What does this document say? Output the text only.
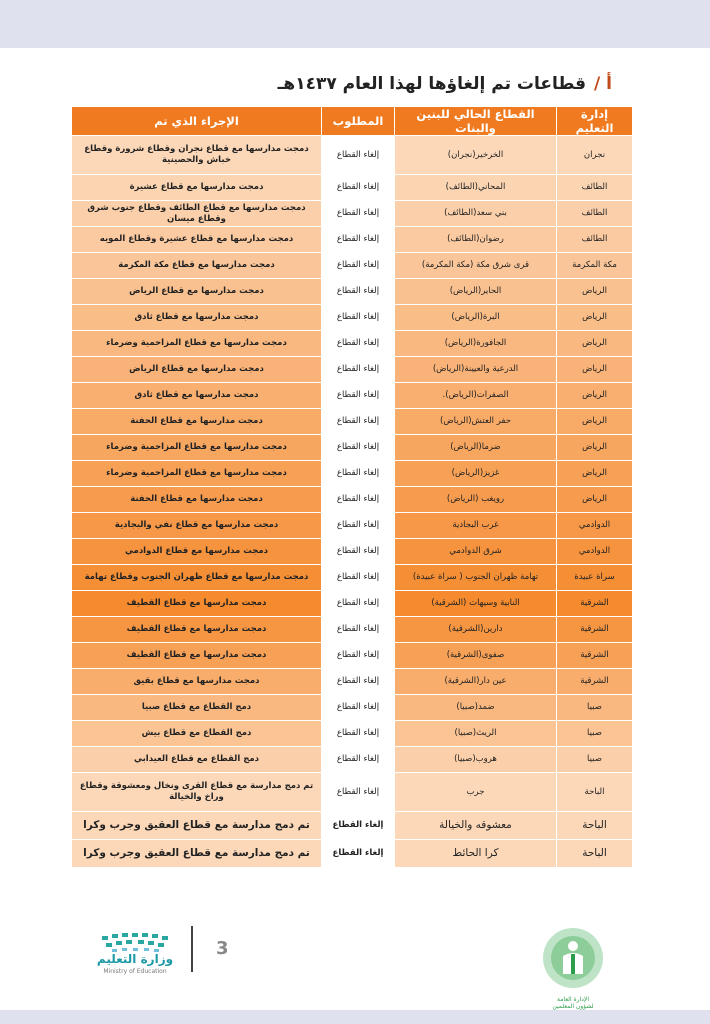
أ /قطاعات تم إلغاؤها لهذا العام ١٤٣٧هـ
إدارة التعليم	القطاع الحالي للبنين والبنات	المطلوب	الإجراء الذي تم
نجران	الخرخير(نجران)	إلغاء القطاع	دمجت مدارسها مع قطاع نجران وقطاع شرورة وقطاع خباش والحصينية
الطائف	المحاني(الطائف)	إلغاء القطاع	دمجت مدارسها مع قطاع عشيرة
الطائف	بني سعد(الطائف)	إلغاء القطاع	دمجت مدارسها مع قطاع الطائف وقطاع جنوب شرق وقطاع ميسان
الطائف	رضوان(الطائف)	إلغاء القطاع	دمجت مدارسها مع قطاع عشيرة وقطاع المويه
مكة المكرمة	قرى شرق مكة (مكة المكرمة)	إلغاء القطاع	دمجت مدارسها مع قطاع مكة المكرمة
الرياض	الحاير(الرياض)	إلغاء القطاع	دمجت مدارسها مع قطاع الرياض
الرياض	البرة(الرياض)	إلغاء القطاع	دمجت مدارسها مع قطاع ثادق
الرياض	الجافورة(الرياض)	إلغاء القطاع	دمجت مدارسها مع قطاع المزاحمية وضرماء
الرياض	الدرعية والعيينة(الرياض)	إلغاء القطاع	دمجت مدارسها مع قطاع الرياض
الرياض	الصفرات(الرياض).	إلغاء القطاع	دمجت مدارسها مع قطاع ثادق
الرياض	حفر العتش(الرياض)	إلغاء القطاع	دمجت مدارسها مع قطاع الحفنة
الرياض	ضرما(الرياض)	إلغاء القطاع	دمجت مدارسها مع قطاع المزاحمية وضرماء
الرياض	غزيز(الرياض)	إلغاء القطاع	دمجت مدارسها مع قطاع المزاحمية وضرماء
الرياض	رويغب (الرياض)	إلغاء القطاع	دمجت مدارسها مع قطاع الحفنة
الدوادمي	غرب البجادية	إلغاء القطاع	دمجت مدارسها مع قطاع نفي والبجادية
الدوادمي	شرق الدوادمي	إلغاء القطاع	دمجت مدارسها مع قطاع الدوادمي
سراة عبيدة	تهامة ظهران الجنوب ( سراة عبيدة)	إلغاء القطاع	دمجت مدارسها مع قطاع ظهران الجنوب وقطاع تهامة
الشرقية	النابية وسيهات (الشرقية)	إلغاء القطاع	دمجت مدارسها مع قطاع القطيف
الشرقية	دارين(الشرقية)	إلغاء القطاع	دمجت مدارسها مع قطاع القطيف
الشرقية	صفوى(الشرقية)	إلغاء القطاع	دمجت مدارسها مع قطاع القطيف
الشرقية	عين دار(الشرقية)	إلغاء القطاع	دمجت مدارسها مع قطاع بقيق
صبيا	ضمد(صبيا)	إلغاء القطاع	دمج القطاع مع قطاع صبيا
صبيا	الريث(صبيا)	إلغاء القطاع	دمج القطاع مع قطاع بيش
صبيا	هروب(صبيا)	إلغاء القطاع	دمج القطاع مع قطاع العيدابي
الباحة	جرب	إلغاء القطاع	تم دمج مدارسة مع قطاع القرى ونخال ومعشوقة وقطاع وراخ والخيالة
الباحة	معشوقه والخيالة	إلغاء القطاع	تم دمج مدارسة مع قطاع العقيق وجرب وكرا
الباحة	كرا الحائط	إلغاء القطاع	تم دمج مدارسة مع قطاع العقيق وجرب وكرا
وزارة التعليم
Ministry of Education
3
الإدارة العامة
لشؤون المعلمين
